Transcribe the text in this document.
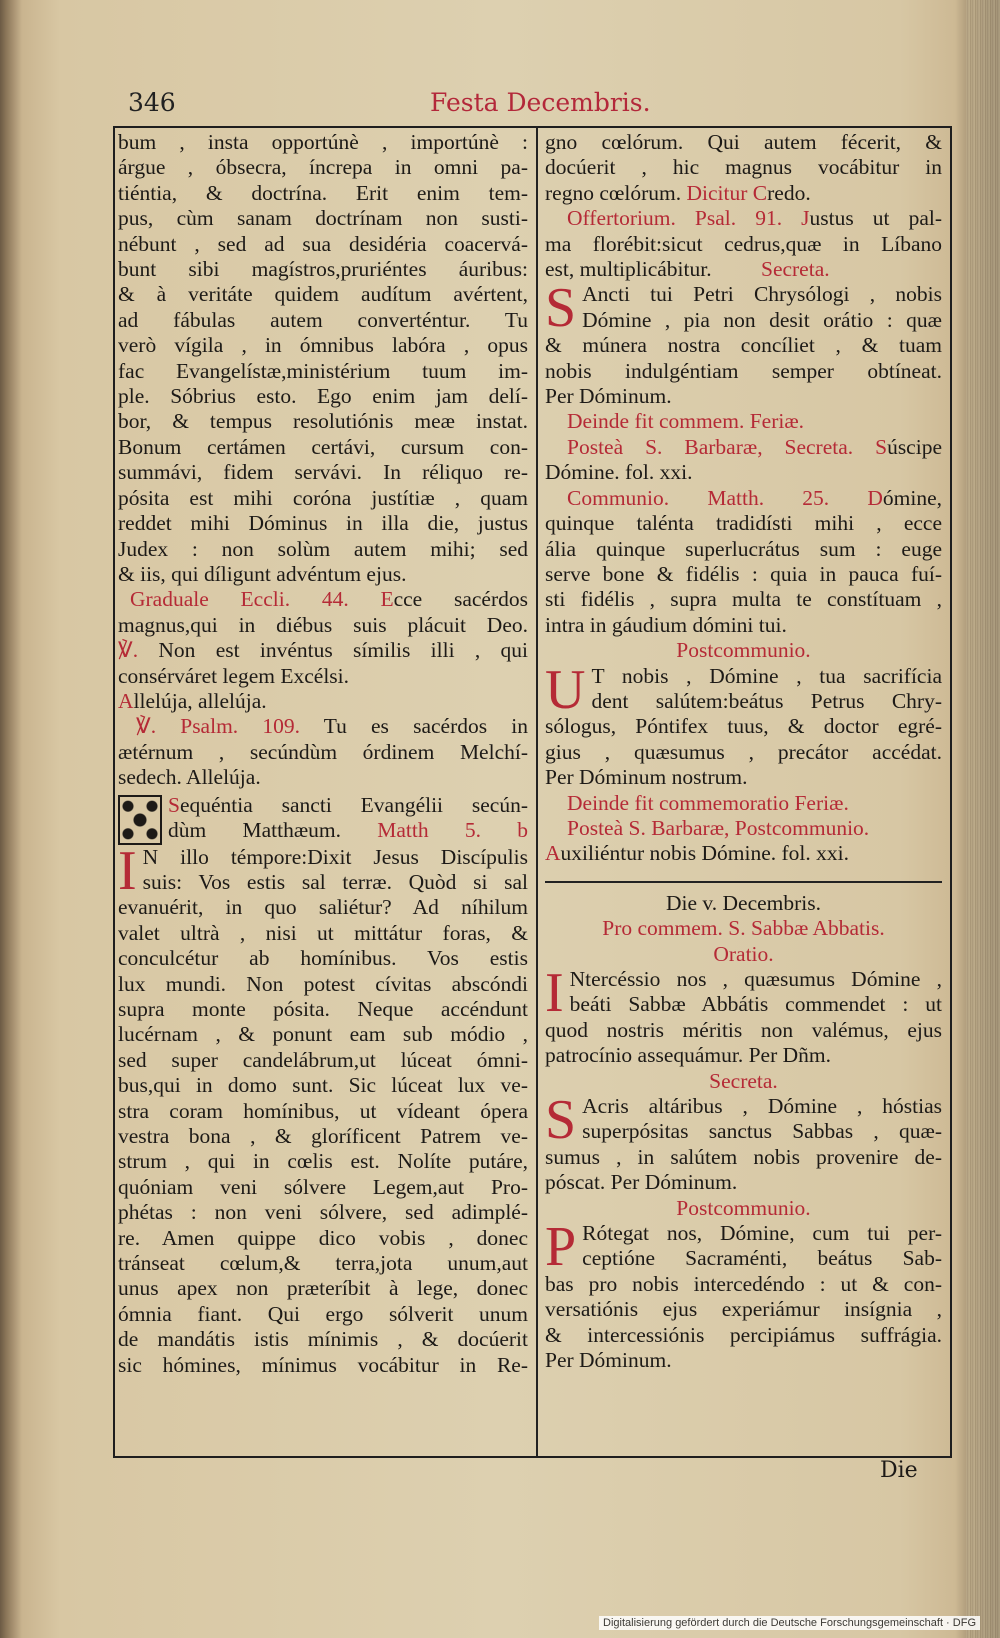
346	Festa Decembris.
bum , insta opportúnè , importúnè :
árgue , óbsecra, íncrepa in omni pa-
tiéntia, & doctrína. Erit enim tem-
pus, cùm sanam doctrínam non susti-
nébunt , sed ad sua desidéria coacervá-
bunt sibi magístros,pruriéntes áuribus:
& à veritáte quidem audítum avértent,
ad fábulas autem converténtur. Tu
verò vígila , in ómnibus labóra , opus
fac Evangelístæ,ministérium tuum im-
ple. Sóbrius esto. Ego enim jam delí-
bor, & tempus resolutiónis meæ instat.
Bonum certámen certávi, cursum con-
summávi, fidem servávi. In réliquo re-
pósita est mihi coróna justítiæ , quam
reddet mihi Dóminus in illa die, justus
Judex : non solùm autem mihi; sed
& iis, qui díligunt advéntum ejus.
Graduale Eccli. 44. Ecce sacérdos
magnus,qui in diébus suis plácuit Deo.
℣. Non est invéntus símilis illi , qui
consérváret legem Excélsi.
Allelúja, allelúja.
℣. Psalm. 109. Tu es sacérdos in
ætérnum , secúndùm órdinem Melchí-
sedech. Allelúja.
Sequéntia sancti Evangélii secún-
dùm Matthæum. Matth 5. b
I N illo témpore:Dixit Jesus Discípulis
suis: Vos estis sal terræ. Quòd si sal
evanuérit, in quo saliétur? Ad níhilum
valet ultrà , nisi ut mittátur foras, &
conculcétur ab homínibus. Vos estis
lux mundi. Non potest cívitas abscóndi
supra monte pósita. Neque accéndunt
lucérnam , & ponunt eam sub módio ,
sed super candelábrum,ut lúceat ómni-
bus,qui in domo sunt. Sic lúceat lux ve-
stra coram homínibus, ut vídeant ópera
vestra bona , & gloríficent Patrem ve-
strum , qui in cœlis est. Nolíte putáre,
quóniam veni sólvere Legem,aut Pro-
phétas : non veni sólvere, sed adimplé-
re. Amen quippe dico vobis , donec
tránseat cœlum,& terra,jota unum,aut
unus apex non præteríbit à lege, donec
ómnia fiant. Qui ergo sólverit unum
de mandátis istis mínimis , & docúerit
sic hómines, mínimus vocábitur in Re-
gno cœlórum. Qui autem fécerit, &
docúerit , hic magnus vocábitur in
regno cœlórum. Dicitur Credo.
Offertorium. Psal. 91. Justus ut pal-
ma florébit:sicut cedrus,quæ in Líbano
est, multiplicábitur. Secreta.
S Ancti tui Petri Chrysólogi , nobis
Dómine , pia non desit orátio : quæ
& múnera nostra concíliet , & tuam
nobis indulgéntiam semper obtíneat.
Per Dóminum.
Deinde fit commem. Feriæ.
Posteà S. Barbaræ, Secreta. Súscipe
Dómine. fol. xxi.
Communio. Matth. 25. Dómine,
quinque talénta tradidísti mihi , ecce
ália quinque superlucrátus sum : euge
serve bone & fidélis : quia in pauca fuí-
sti fidélis , supra multa te constítuam ,
intra in gáudium dómini tui.
Postcommunio.
U T nobis , Dómine , tua sacrifícia
dent salútem:beátus Petrus Chry-
sólogus, Póntifex tuus, & doctor egré-
gius , quæsumus , precátor accédat.
Per Dóminum nostrum.
Deinde fit commemoratio Feriæ.
Posteà S. Barbaræ, Postcommunio.
Auxiliéntur nobis Dómine. fol. xxi.
Die v. Decembris.
Pro commem. S. Sabbæ Abbatis.
Oratio.
I Ntercéssio nos , quæsumus Dómine ,
beáti Sabbæ Abbátis commendet : ut
quod nostris méritis non valémus, ejus
patrocínio assequámur. Per Dñm.
Secreta.
S Acris altáribus , Dómine , hóstias
superpósitas sanctus Sabbas , quæ-
sumus , in salútem nobis provenire de-
póscat. Per Dóminum.
Postcommunio.
P Rótegat nos, Dómine, cum tui per-
ceptióne Sacraménti, beátus Sab-
bas pro nobis intercedéndo : ut & con-
versatiónis ejus experiámur insígnia ,
& intercessiónis percipiámus suffrágia.
Per Dóminum.
Die
Digitalisierung gefördert durch die Deutsche Forschungsgemeinschaft · DFG
